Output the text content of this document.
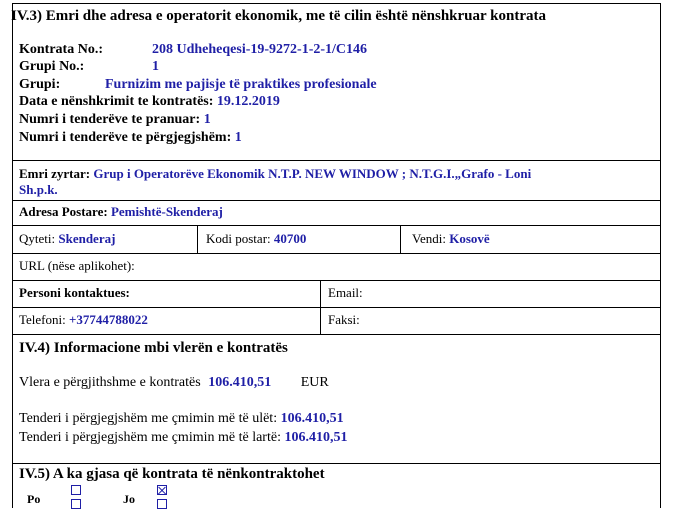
IV.3) Emri dhe adresa e operatorit ekonomik, me të cilin është nënshkruar kontrata
Kontrata No.:	208 Udheheqesi-19-9272-1-2-1/C146
Grupi No.:	1
Grupi:	Furnizim me pajisje të praktikes profesionale
Data e nënshkrimit te kontratës: 19.12.2019
Numri i tenderëve te pranuar: 1
Numri i tenderëve te përgjegjshëm: 1
Emri zyrtar: Grup i Operatorëve Ekonomik N.T.P. NEW WINDOW ; N.T.G.I.„Grafo - Loni
Sh.p.k.
Adresa Postare: Pemishtë-Skenderaj
Qyteti: Skenderaj	Kodi postar: 40700	Vendi: Kosovë
URL (nëse aplikohet):
Personi kontaktues:	Email:
Telefoni: +37744788022	Faksi:
IV.4) Informacione mbi vlerën e kontratës
Vlera e përgjithshme e kontratës 106.410,51 EUR
Tenderi i përgjegjshëm me çmimin më të ulët: 106.410,51
Tenderi i përgjegjshëm me çmimin më të lartë: 106.410,51
IV.5) A ka gjasa që kontrata të nënkontraktohet
Po	Jo
